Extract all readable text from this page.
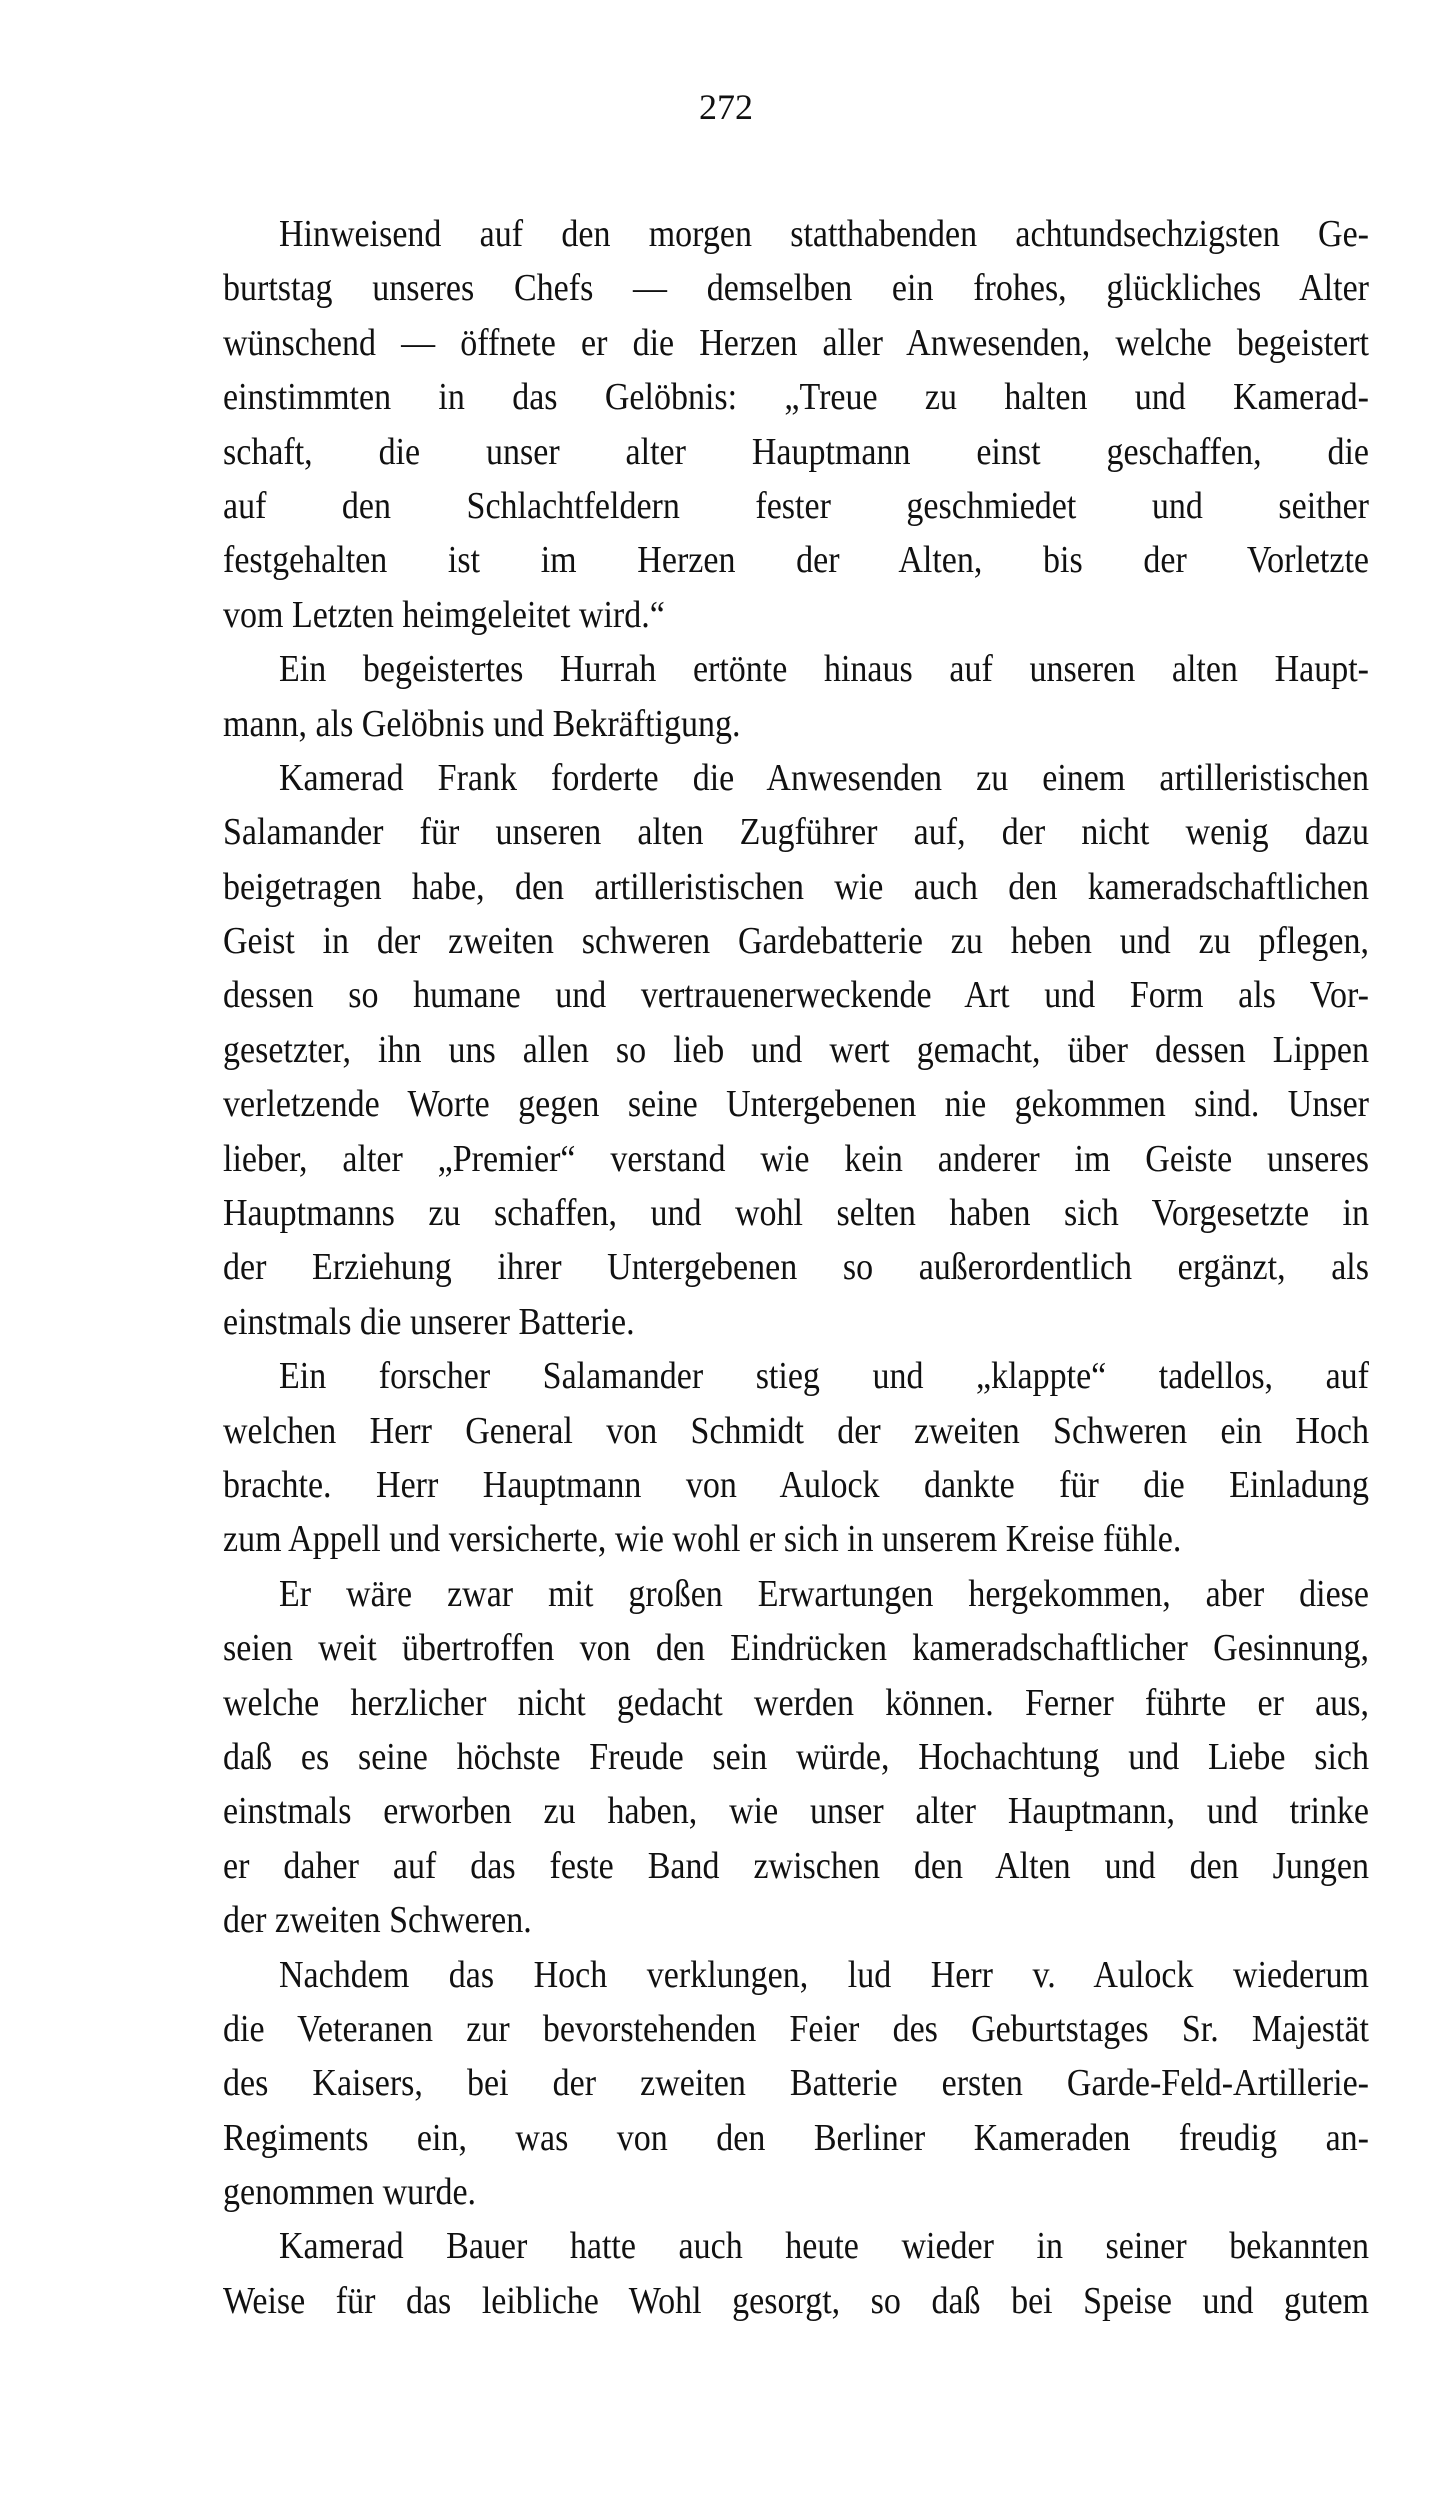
272
Hinweisend auf den morgen statthabenden achtundsechzigsten Ge-
burtstag unseres Chefs — demselben ein frohes, glückliches Alter
wünschend — öffnete er die Herzen aller Anwesenden, welche begeistert
einstimmten in das Gelöbnis: „Treue zu halten und Kamerad-
schaft, die unser alter Hauptmann einst geschaffen, die
auf den Schlachtfeldern fester geschmiedet und seither
festgehalten ist im Herzen der Alten, bis der Vorletzte
vom Letzten heimgeleitet wird.“
Ein begeistertes Hurrah ertönte hinaus auf unseren alten Haupt-
mann, als Gelöbnis und Bekräftigung.
Kamerad Frank forderte die Anwesenden zu einem artilleristischen
Salamander für unseren alten Zugführer auf, der nicht wenig dazu
beigetragen habe, den artilleristischen wie auch den kameradschaftlichen
Geist in der zweiten schweren Gardebatterie zu heben und zu pflegen,
dessen so humane und vertrauenerweckende Art und Form als Vor-
gesetzter, ihn uns allen so lieb und wert gemacht, über dessen Lippen
verletzende Worte gegen seine Untergebenen nie gekommen sind. Unser
lieber, alter „Premier“ verstand wie kein anderer im Geiste unseres
Hauptmanns zu schaffen, und wohl selten haben sich Vorgesetzte in
der Erziehung ihrer Untergebenen so außerordentlich ergänzt, als
einstmals die unserer Batterie.
Ein forscher Salamander stieg und „klappte“ tadellos, auf
welchen Herr General von Schmidt der zweiten Schweren ein Hoch
brachte. Herr Hauptmann von Aulock dankte für die Einladung
zum Appell und versicherte, wie wohl er sich in unserem Kreise fühle.
Er wäre zwar mit großen Erwartungen hergekommen, aber diese
seien weit übertroffen von den Eindrücken kameradschaftlicher Gesinnung,
welche herzlicher nicht gedacht werden können. Ferner führte er aus,
daß es seine höchste Freude sein würde, Hochachtung und Liebe sich
einstmals erworben zu haben, wie unser alter Hauptmann, und trinke
er daher auf das feste Band zwischen den Alten und den Jungen
der zweiten Schweren.
Nachdem das Hoch verklungen, lud Herr v. Aulock wiederum
die Veteranen zur bevorstehenden Feier des Geburtstages Sr. Majestät
des Kaisers, bei der zweiten Batterie ersten Garde-Feld-Artillerie-
Regiments ein, was von den Berliner Kameraden freudig an-
genommen wurde.
Kamerad Bauer hatte auch heute wieder in seiner bekannten
Weise für das leibliche Wohl gesorgt, so daß bei Speise und gutem
